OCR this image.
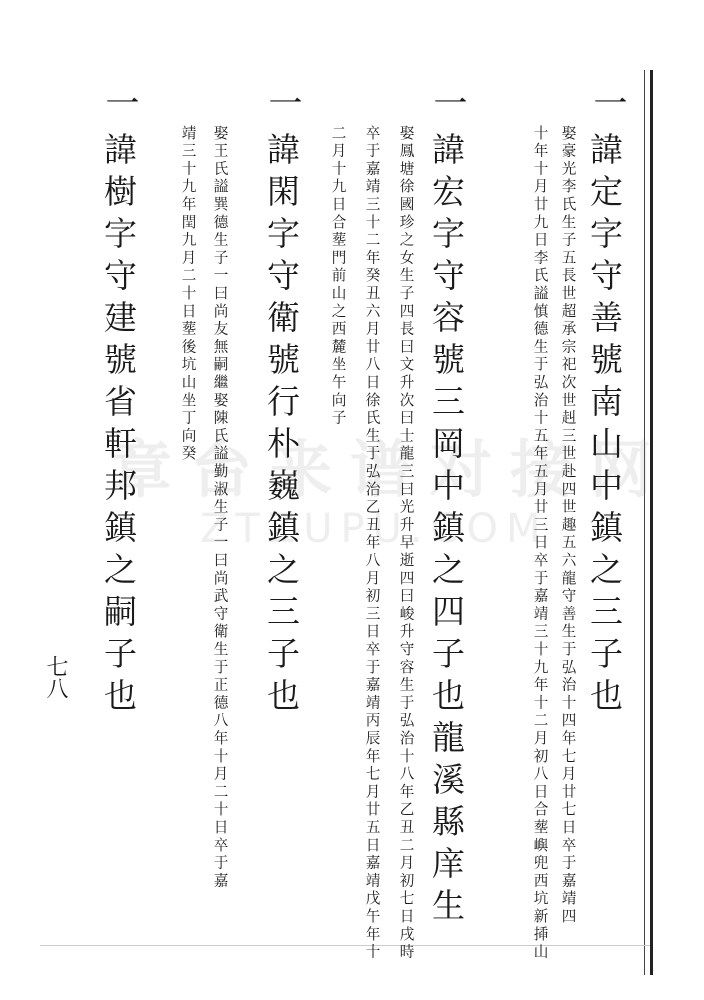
章台来谱对接网
ZTZUPU.COM
一
諱定字守善號南山中鎮之三子也
娶豪光李氏生子五長世超承宗祀次世赳三世赴四世趣五六龍守善生于弘治十四年七月廿七日卒于嘉靖四
十年十月廿九日李氏謚慎德生于弘治十五年五月廿三日卒于嘉靖三十九年十二月初八日合塟嶼兜西坑新揷山
一
諱宏字守容號三岡中鎮之四子也龍溪縣庠生
娶鳳塘徐國珍之女生子四長曰文升次曰士龍三曰光升早逝四曰峻升守容生于弘治十八年乙丑二月初七日戌時
卒于嘉靖三十二年癸丑六月廿八日徐氏生于弘治乙丑年八月初三日卒于嘉靖丙辰年七月廿五日嘉靖戊午年十
二月十九日合塟門前山之西麓坐午向子
一
諱閑字守衛號行朴巍鎮之三子也
娶王氏謚巽德生子一曰尚友無嗣繼娶陳氏謚勤淑生子一曰尚武守衛生于正德八年十月二十日卒于嘉
靖三十九年閏九月二十日塟後坑山坐丁向癸
一
諱樹字守建號省軒邦鎮之嗣子也
七八
